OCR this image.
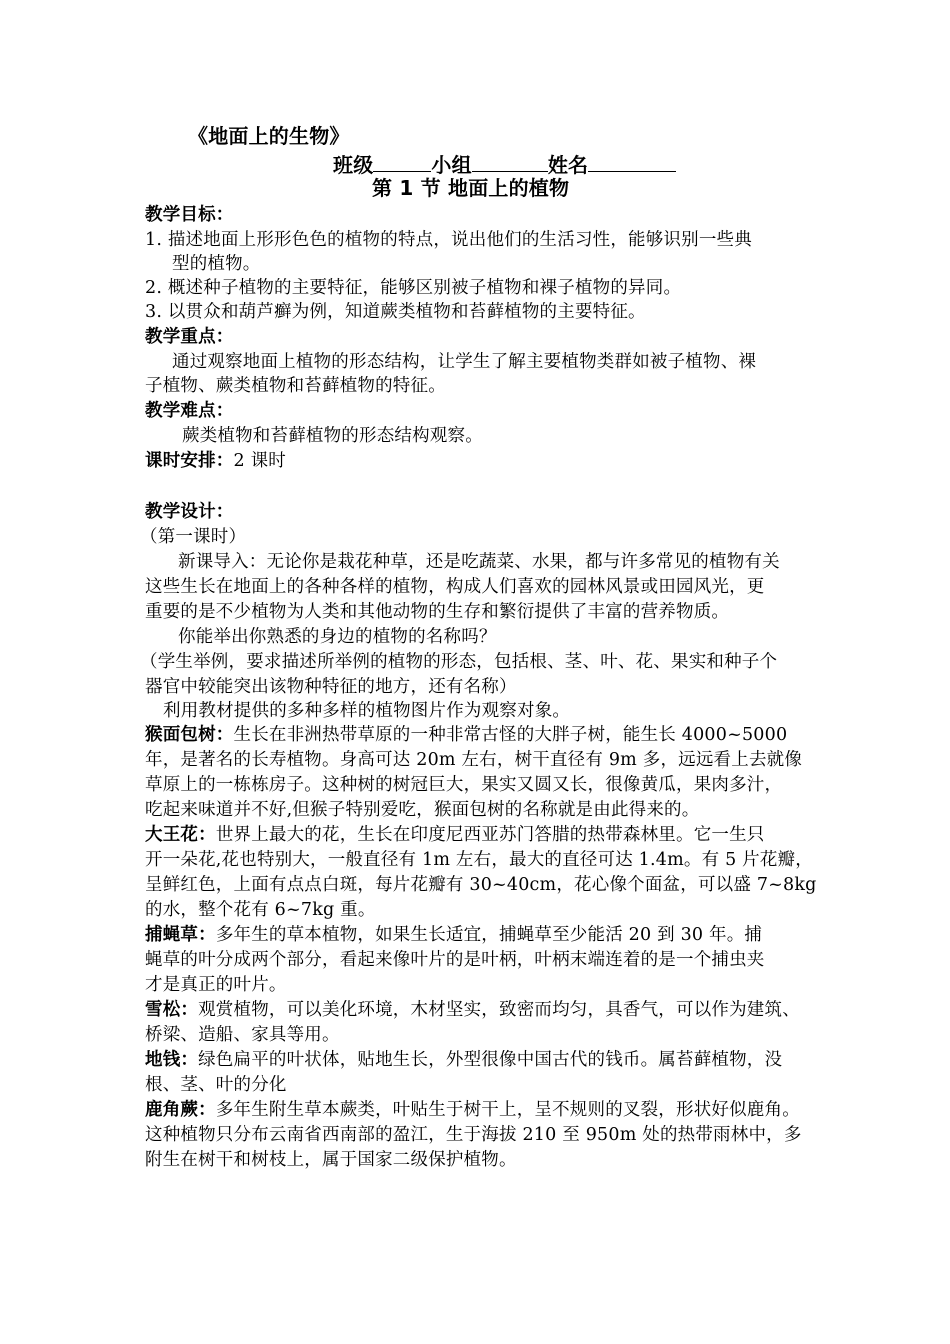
《地面上的生物》
班级	小组	姓名
第 1 节 地面上的植物
教学目标：
1. 描述地面上形形色色的植物的特点，说出他们的生活习性，能够识别一些典
型的植物。
2. 概述种子植物的主要特征，能够区别被子植物和裸子植物的异同。
3. 以贯众和葫芦癣为例，知道蕨类植物和苔藓植物的主要特征。
教学重点：
通过观察地面上植物的形态结构，让学生了解主要植物类群如被子植物、裸
子植物、蕨类植物和苔藓植物的特征。
教学难点：
蕨类植物和苔藓植物的形态结构观察。
课时安排：2 课时
教学设计：
（第一课时）
新课导入：无论你是栽花种草，还是吃蔬菜、水果，都与许多常见的植物有关
这些生长在地面上的各种各样的植物，构成人们喜欢的园林风景或田园风光，更
重要的是不少植物为人类和其他动物的生存和繁衍提供了丰富的营养物质。
你能举出你熟悉的身边的植物的名称吗？
（学生举例，要求描述所举例的植物的形态，包括根、茎、叶、花、果实和种子个
器官中较能突出该物种特征的地方，还有名称）
利用教材提供的多种多样的植物图片作为观察对象。
猴面包树：生长在非洲热带草原的一种非常古怪的大胖子树，能生长 4000~5000
年，是著名的长寿植物。身高可达 20m 左右，树干直径有 9m 多，远远看上去就像
草原上的一栋栋房子。这种树的树冠巨大，果实又圆又长，很像黄瓜，果肉多汁，
吃起来味道并不好,但猴子特别爱吃，猴面包树的名称就是由此得来的。
大王花：世界上最大的花，生长在印度尼西亚苏门答腊的热带森林里。它一生只
开一朵花,花也特别大，一般直径有 1m 左右，最大的直径可达 1.4m。有 5 片花瓣，
呈鲜红色，上面有点点白斑，每片花瓣有 30~40cm，花心像个面盆，可以盛 7~8kg
的水，整个花有 6~7kg 重。
捕蝇草：多年生的草本植物，如果生长适宜，捕蝇草至少能活 20 到 30 年。捕
蝇草的叶分成两个部分，看起来像叶片的是叶柄，叶柄末端连着的是一个捕虫夹
才是真正的叶片。
雪松：观赏植物，可以美化环境，木材坚实，致密而均匀，具香气，可以作为建筑、
桥梁、造船、家具等用。
地钱：绿色扁平的叶状体，贴地生长，外型很像中国古代的钱币。属苔藓植物，没
根、茎、叶的分化
鹿角蕨：多年生附生草本蕨类，叶贴生于树干上，呈不规则的叉裂，形状好似鹿角。
这种植物只分布云南省西南部的盈江，生于海拔 210 至 950m 处的热带雨林中，多
附生在树干和树枝上，属于国家二级保护植物。
